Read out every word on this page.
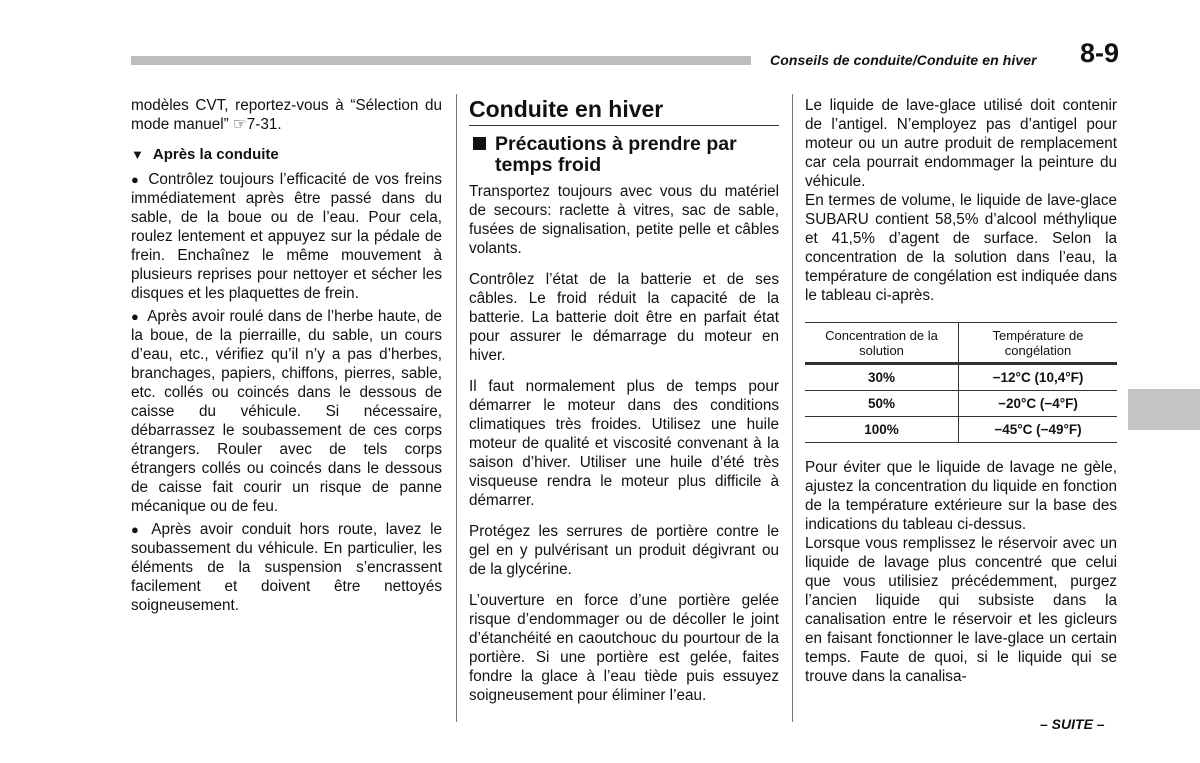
Conseils de conduite/Conduite en hiver 8-9

modèles CVT, reportez-vous à “Sélection du mode manuel” ☞7-31.

▼ Après la conduite

● Contrôlez toujours l’efficacité de vos freins immédiatement après être passé dans du sable, de la boue ou de l’eau. Pour cela, roulez lentement et appuyez sur la pédale de frein. Enchaînez le même mouvement à plusieurs reprises pour nettoyer et sécher les disques et les plaquettes de frein.

● Après avoir roulé dans de l’herbe haute, de la boue, de la pierraille, du sable, un cours d’eau, etc., vérifiez qu’il n’y a pas d’herbes, branchages, papiers, chiffons, pierres, sable, etc. collés ou coincés dans le dessous de caisse du véhicule. Si nécessaire, débarrassez le soubassement de ces corps étrangers. Rouler avec de tels corps étrangers collés ou coincés dans le dessous de caisse fait courir un risque de panne mécanique ou de feu.

● Après avoir conduit hors route, lavez le soubassement du véhicule. En particulier, les éléments de la suspension s’encrassent facilement et doivent être nettoyés soigneusement.

Conduite en hiver
Précautions à prendre par temps froid

Transportez toujours avec vous du matériel de secours: raclette à vitres, sac de sable, fusées de signalisation, petite pelle et câbles volants.

Contrôlez l’état de la batterie et de ses câbles. Le froid réduit la capacité de la batterie. La batterie doit être en parfait état pour assurer le démarrage du moteur en hiver.

Il faut normalement plus de temps pour démarrer le moteur dans des conditions climatiques très froides. Utilisez une huile moteur de qualité et viscosité convenant à la saison d’hiver. Utiliser une huile d’été très visqueuse rendra le moteur plus difficile à démarrer.

Protégez les serrures de portière contre le gel en y pulvérisant un produit dégivrant ou de la glycérine.

L’ouverture en force d’une portière gelée risque d’endommager ou de décoller le joint d’étanchéité en caoutchouc du pourtour de la portière. Si une portière est gelée, faites fondre la glace à l’eau tiède puis essuyez soigneusement pour éliminer l’eau.

Le liquide de lave-glace utilisé doit contenir de l’antigel. N’employez pas d’antigel pour moteur ou un autre produit de remplacement car cela pourrait endommager la peinture du véhicule.

En termes de volume, le liquide de lave-glace SUBARU contient 58,5% d’alcool méthylique et 41,5% d’agent de surface. Selon la concentration de la solution dans l’eau, la température de congélation est indiquée dans le tableau ci-après.

Concentration de la solution	Température de congélation
30%	−12°C (10,4°F)
50%	−20°C (−4°F)
100%	−45°C (−49°F)

Pour éviter que le liquide de lavage ne gèle, ajustez la concentration du liquide en fonction de la température extérieure sur la base des indications du tableau ci-dessus.

Lorsque vous remplissez le réservoir avec un liquide de lavage plus concentré que celui que vous utilisiez précédemment, purgez l’ancien liquide qui subsiste dans la canalisation entre le réservoir et les gicleurs en faisant fonctionner le lave-glace un certain temps. Faute de quoi, si le liquide qui se trouve dans la canalisa-

– SUITE –
